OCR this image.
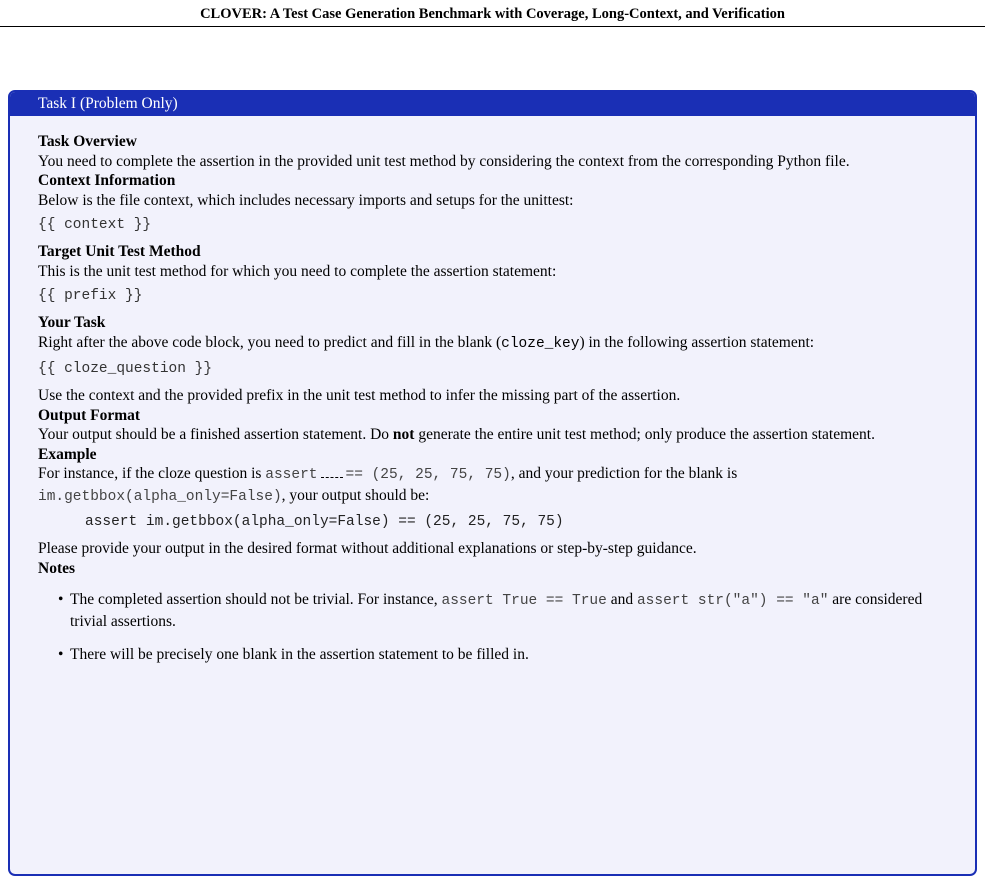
CLOVER: A Test Case Generation Benchmark with Coverage, Long-Context, and Verification
Task I (Problem Only)
Task Overview

You need to complete the assertion in the provided unit test method by considering the context from the corresponding Python file.

Context Information

Below is the file context, which includes necessary imports and setups for the unittest:

{{ context }}
Target Unit Test Method

This is the unit test method for which you need to complete the assertion statement:

{{ prefix }}
Your Task

Right after the above code block, you need to predict and fill in the blank (cloze_key) in the following assertion statement:

{{ cloze_question }}

Use the context and the provided prefix in the unit test method to infer the missing part of the assertion.

Output Format

Your output should be a finished assertion statement. Do not generate the entire unit test method; only produce the assertion statement.

Example

For instance, if the cloze question is assert == (25, 25, 75, 75), and your prediction for the blank is im.getbbox(alpha_only=False), your output should be:

assert im.getbbox(alpha_only=False) == (25, 25, 75, 75)

Please provide your output in the desired format without additional explanations or step-by-step guidance.

Notes
• The completed assertion should not be trivial. For instance, assert True == True and assert str("a") == "a" are considered trivial assertions.
• There will be precisely one blank in the assertion statement to be filled in.
